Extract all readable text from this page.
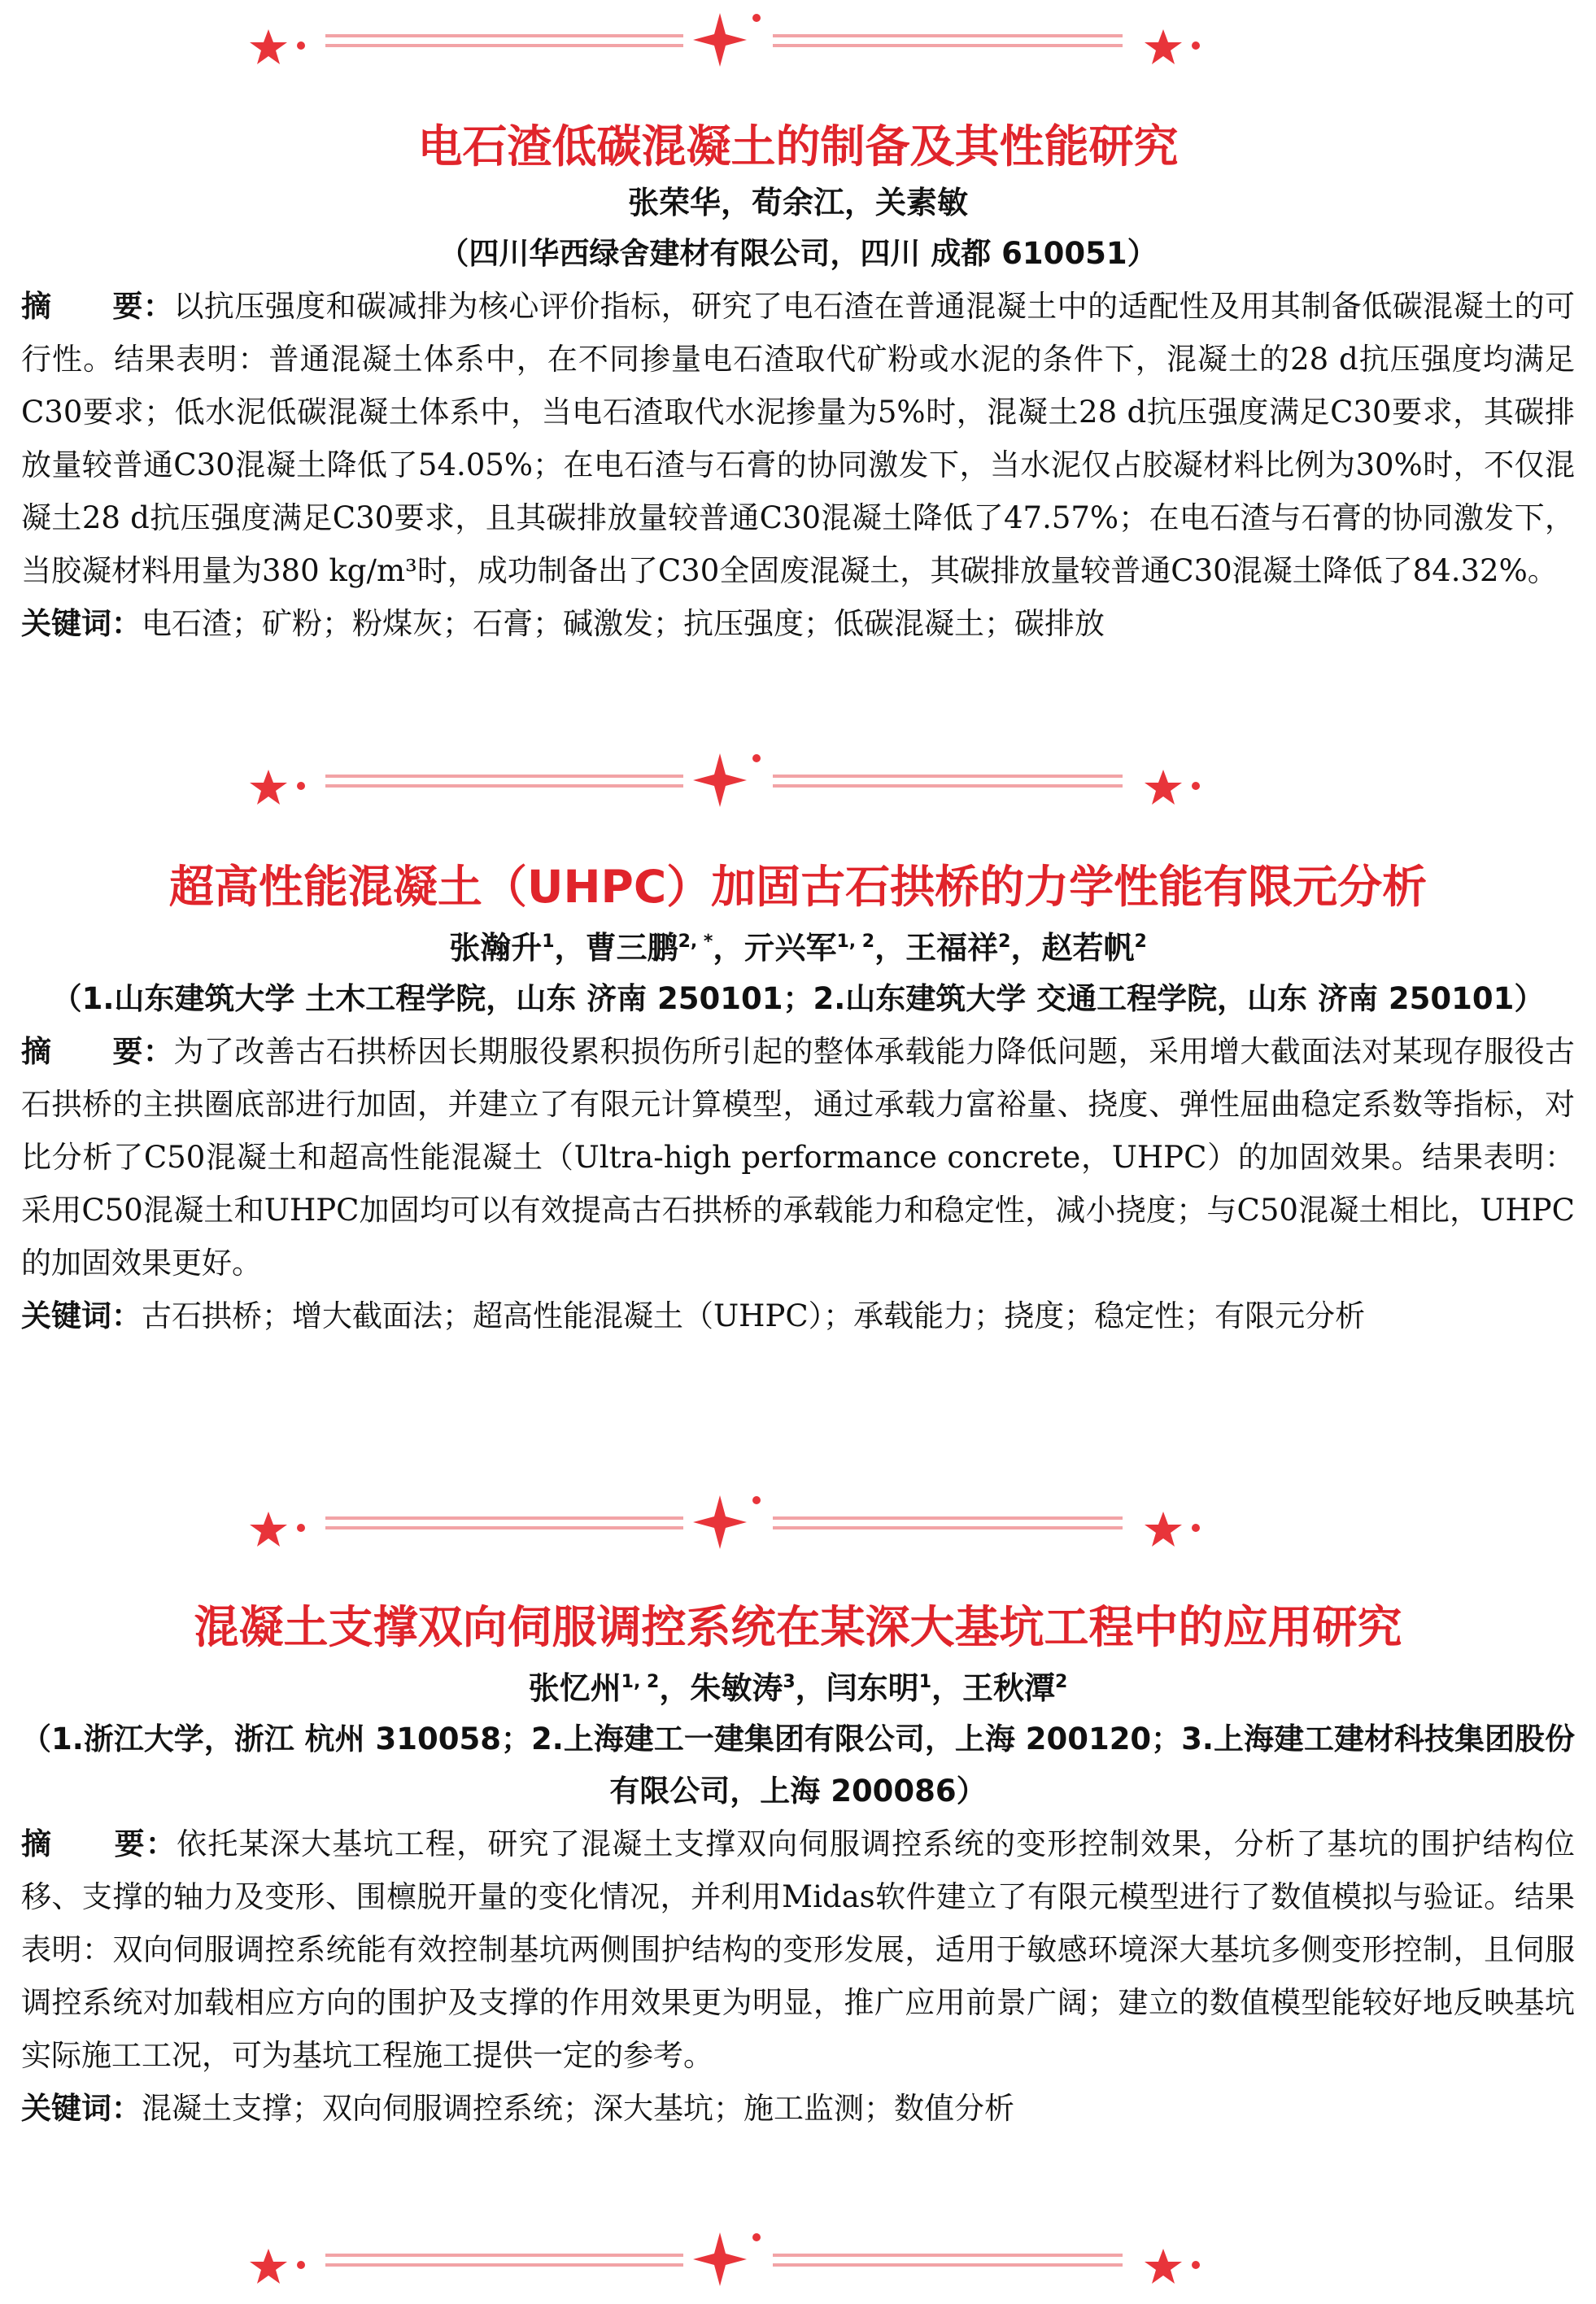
电石渣低碳混凝土的制备及其性能研究

张荣华，荀余江，关素敏

（四川华西绿舍建材有限公司，四川 成都 610051）

摘　　要：以抗压强度和碳减排为核心评价指标，研究了电石渣在普通混凝土中的适配性及用其制备低碳混凝土的可行性。结果表明：普通混凝土体系中，在不同掺量电石渣取代矿粉或水泥的条件下，混凝土的28 d抗压强度均满足C30要求；低水泥低碳混凝土体系中，当电石渣取代水泥掺量为5%时，混凝土28 d抗压强度满足C30要求，其碳排放量较普通C30混凝土降低了54.05%；在电石渣与石膏的协同激发下，当水泥仅占胶凝材料比例为30%时，不仅混凝土28 d抗压强度满足C30要求，且其碳排放量较普通C30混凝土降低了47.57%；在电石渣与石膏的协同激发下，当胶凝材料用量为380 kg/m³时，成功制备出了C30全固废混凝土，其碳排放量较普通C30混凝土降低了84.32%。

关键词：电石渣；矿粉；粉煤灰；石膏；碱激发；抗压强度；低碳混凝土；碳排放

超高性能混凝土（UHPC）加固古石拱桥的力学性能有限元分析

张瀚升$^1$，曹三鹏$^{2, *}$，亓兴军$^{1, 2}$，王福祥$^2$，赵若帆$^2$

（1.山东建筑大学 土木工程学院，山东 济南 250101；2.山东建筑大学 交通工程学院，山东 济南 250101）

摘　　要：为了改善古石拱桥因长期服役累积损伤所引起的整体承载能力降低问题，采用增大截面法对某现存服役古石拱桥的主拱圈底部进行加固，并建立了有限元计算模型，通过承载力富裕量、挠度、弹性屈曲稳定系数等指标，对比分析了C50混凝土和超高性能混凝土（Ultra-high performance concrete，UHPC）的加固效果。结果表明：采用C50混凝土和UHPC加固均可以有效提高古石拱桥的承载能力和稳定性，减小挠度；与C50混凝土相比，UHPC的加固效果更好。

关键词：古石拱桥；增大截面法；超高性能混凝土（UHPC）；承载能力；挠度；稳定性；有限元分析

混凝土支撑双向伺服调控系统在某深大基坑工程中的应用研究

张忆州$^{1, 2}$，朱敏涛$^3$，闫东明$^1$，王秋潭$^2$

（1.浙江大学，浙江 杭州 310058；2.上海建工一建集团有限公司，上海 200120；3.上海建工建材科技集团股份有限公司，上海 200086）

摘　　要：依托某深大基坑工程，研究了混凝土支撑双向伺服调控系统的变形控制效果，分析了基坑的围护结构位移、支撑的轴力及变形、围檩脱开量的变化情况，并利用Midas软件建立了有限元模型进行了数值模拟与验证。结果表明：双向伺服调控系统能有效控制基坑两侧围护结构的变形发展，适用于敏感环境深大基坑多侧变形控制，且伺服调控系统对加载相应方向的围护及支撑的作用效果更为明显，推广应用前景广阔；建立的数值模型能较好地反映基坑实际施工工况，可为基坑工程施工提供一定的参考。

关键词：混凝土支撑；双向伺服调控系统；深大基坑；施工监测；数值分析
